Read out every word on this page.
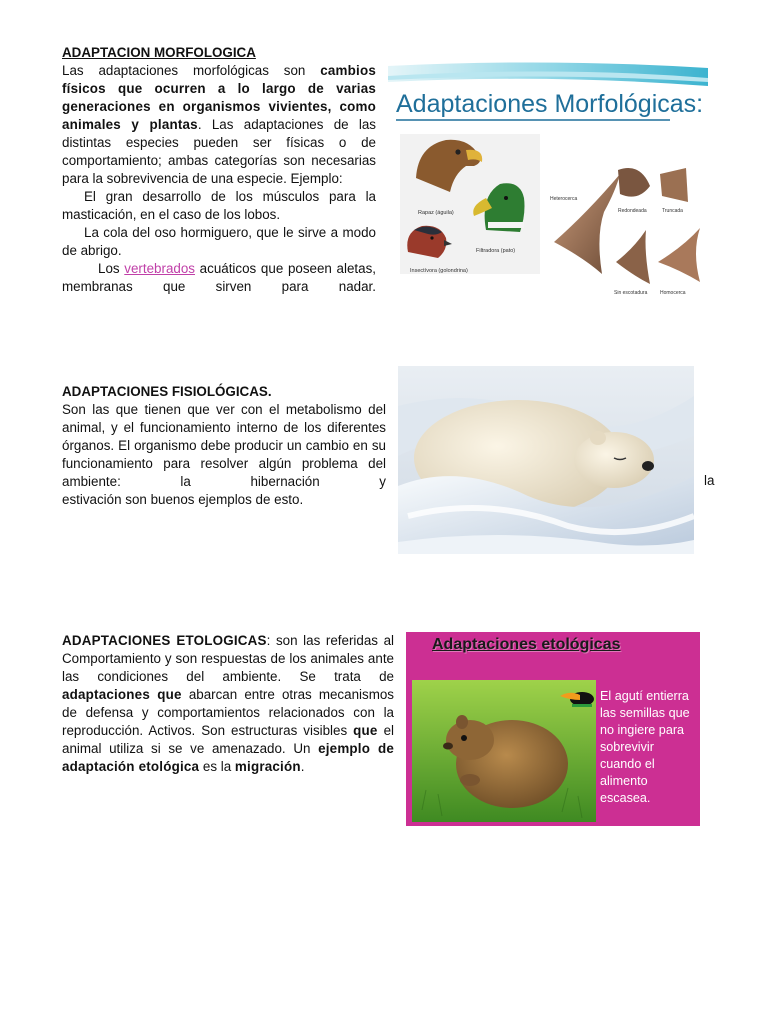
ADAPTACION MORFOLOGICA
Las adaptaciones morfológicas son cambios físicos que ocurren a lo largo de varias generaciones en organismos vivientes, como animales y plantas. Las adaptaciones de las distintas especies pueden ser físicas o de comportamiento; ambas categorías son necesarias para la sobrevivencia de una especie. Ejemplo:
El gran desarrollo de los músculos para la masticación, en el caso de los lobos.
La cola del oso hormiguero, que le sirve a modo de abrigo.
Los vertebrados acuáticos que poseen aletas, membranas que sirven para nadar.
Adaptaciones Morfológicas:
Rapaz (águila)
Filtradora (pato)
Insectívora (golondrina)
Heterocerca
Redondeada	Truncada
Sin escotadura	Homocerca
ADAPTACIONES FISIOLÓGICAS.
Son las que tienen que ver con el metabolismo del animal, y el funcionamiento interno de los diferentes órganos. El organismo debe producir un cambio en su funcionamiento para resolver algún problema del ambiente: la hibernación y
estivación son buenos ejemplos de esto.
la
ADAPTACIONES ETOLOGICAS: son las referidas al Comportamiento y son respuestas de los animales ante las condiciones del ambiente. Se trata de adaptaciones que abarcan entre otras mecanismos de defensa y comportamientos relacionados con la reproducción. Activos. Son estructuras visibles que el animal utiliza si se ve amenazado. Un ejemplo de adaptación etológica es la migración.
Adaptaciones etológicas
El agutí entierra las semillas que no ingiere para sobrevivir cuando el alimento escasea.
